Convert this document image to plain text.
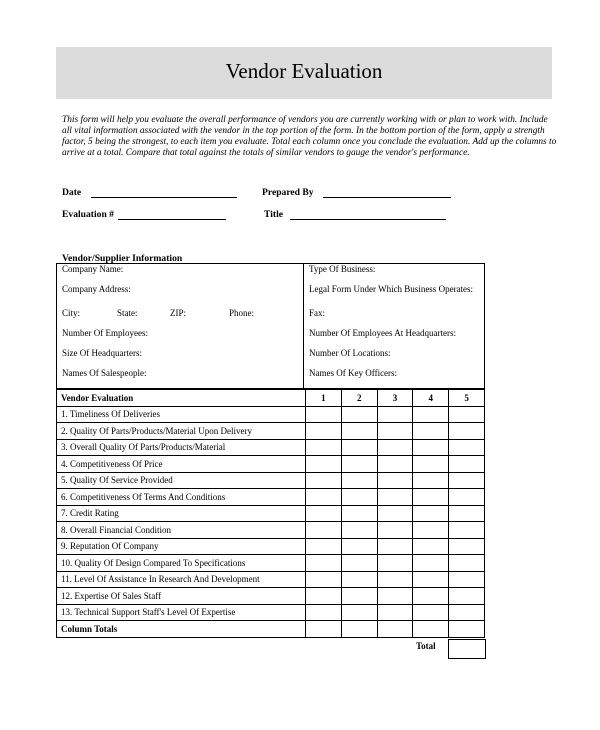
Vendor Evaluation
This form will help you evaluate the overall performance of vendors you are currently working with or plan to work with. Include all vital information associated with the vendor in the top portion of the form. In the bottom portion of the form, apply a strength factor, 5 being the strongest, to each item you evaluate. Total each column once you conclude the evaluation. Add up the columns to arrive at a total. Compare that total against the totals of similar vendors to gauge the vendor's performance.
Date	Prepared By
Evaluation #	Title
Vendor/Supplier Information
Company Name:	Type Of Business:
Company Address:	Legal Form Under Which Business Operates:
City: State: ZIP: Phone:	Fax:
Number Of Employees:	Number Of Employees At Headquarters:
Size Of Headquarters:	Number Of Locations:
Names Of Salespeople:	Names Of Key Officers:
Vendor Evaluation	1	2	3	4	5
1. Timeliness Of Deliveries					
2. Quality Of Parts/Products/Material Upon Delivery					
3. Overall Quality Of Parts/Products/Material					
4. Competitiveness Of Price					
5. Quality Of Service Provided					
6. Competitiveness Of Terms And Conditions					
7. Credit Rating					
8. Overall Financial Condition					
9. Reputation Of Company					
10. Quality Of Design Compared To Specifications					
11. Level Of Assistance In Research And Development					
12. Expertise Of Sales Staff					
13. Technical Support Staff's Level Of Expertise					
Column Totals					
Total
